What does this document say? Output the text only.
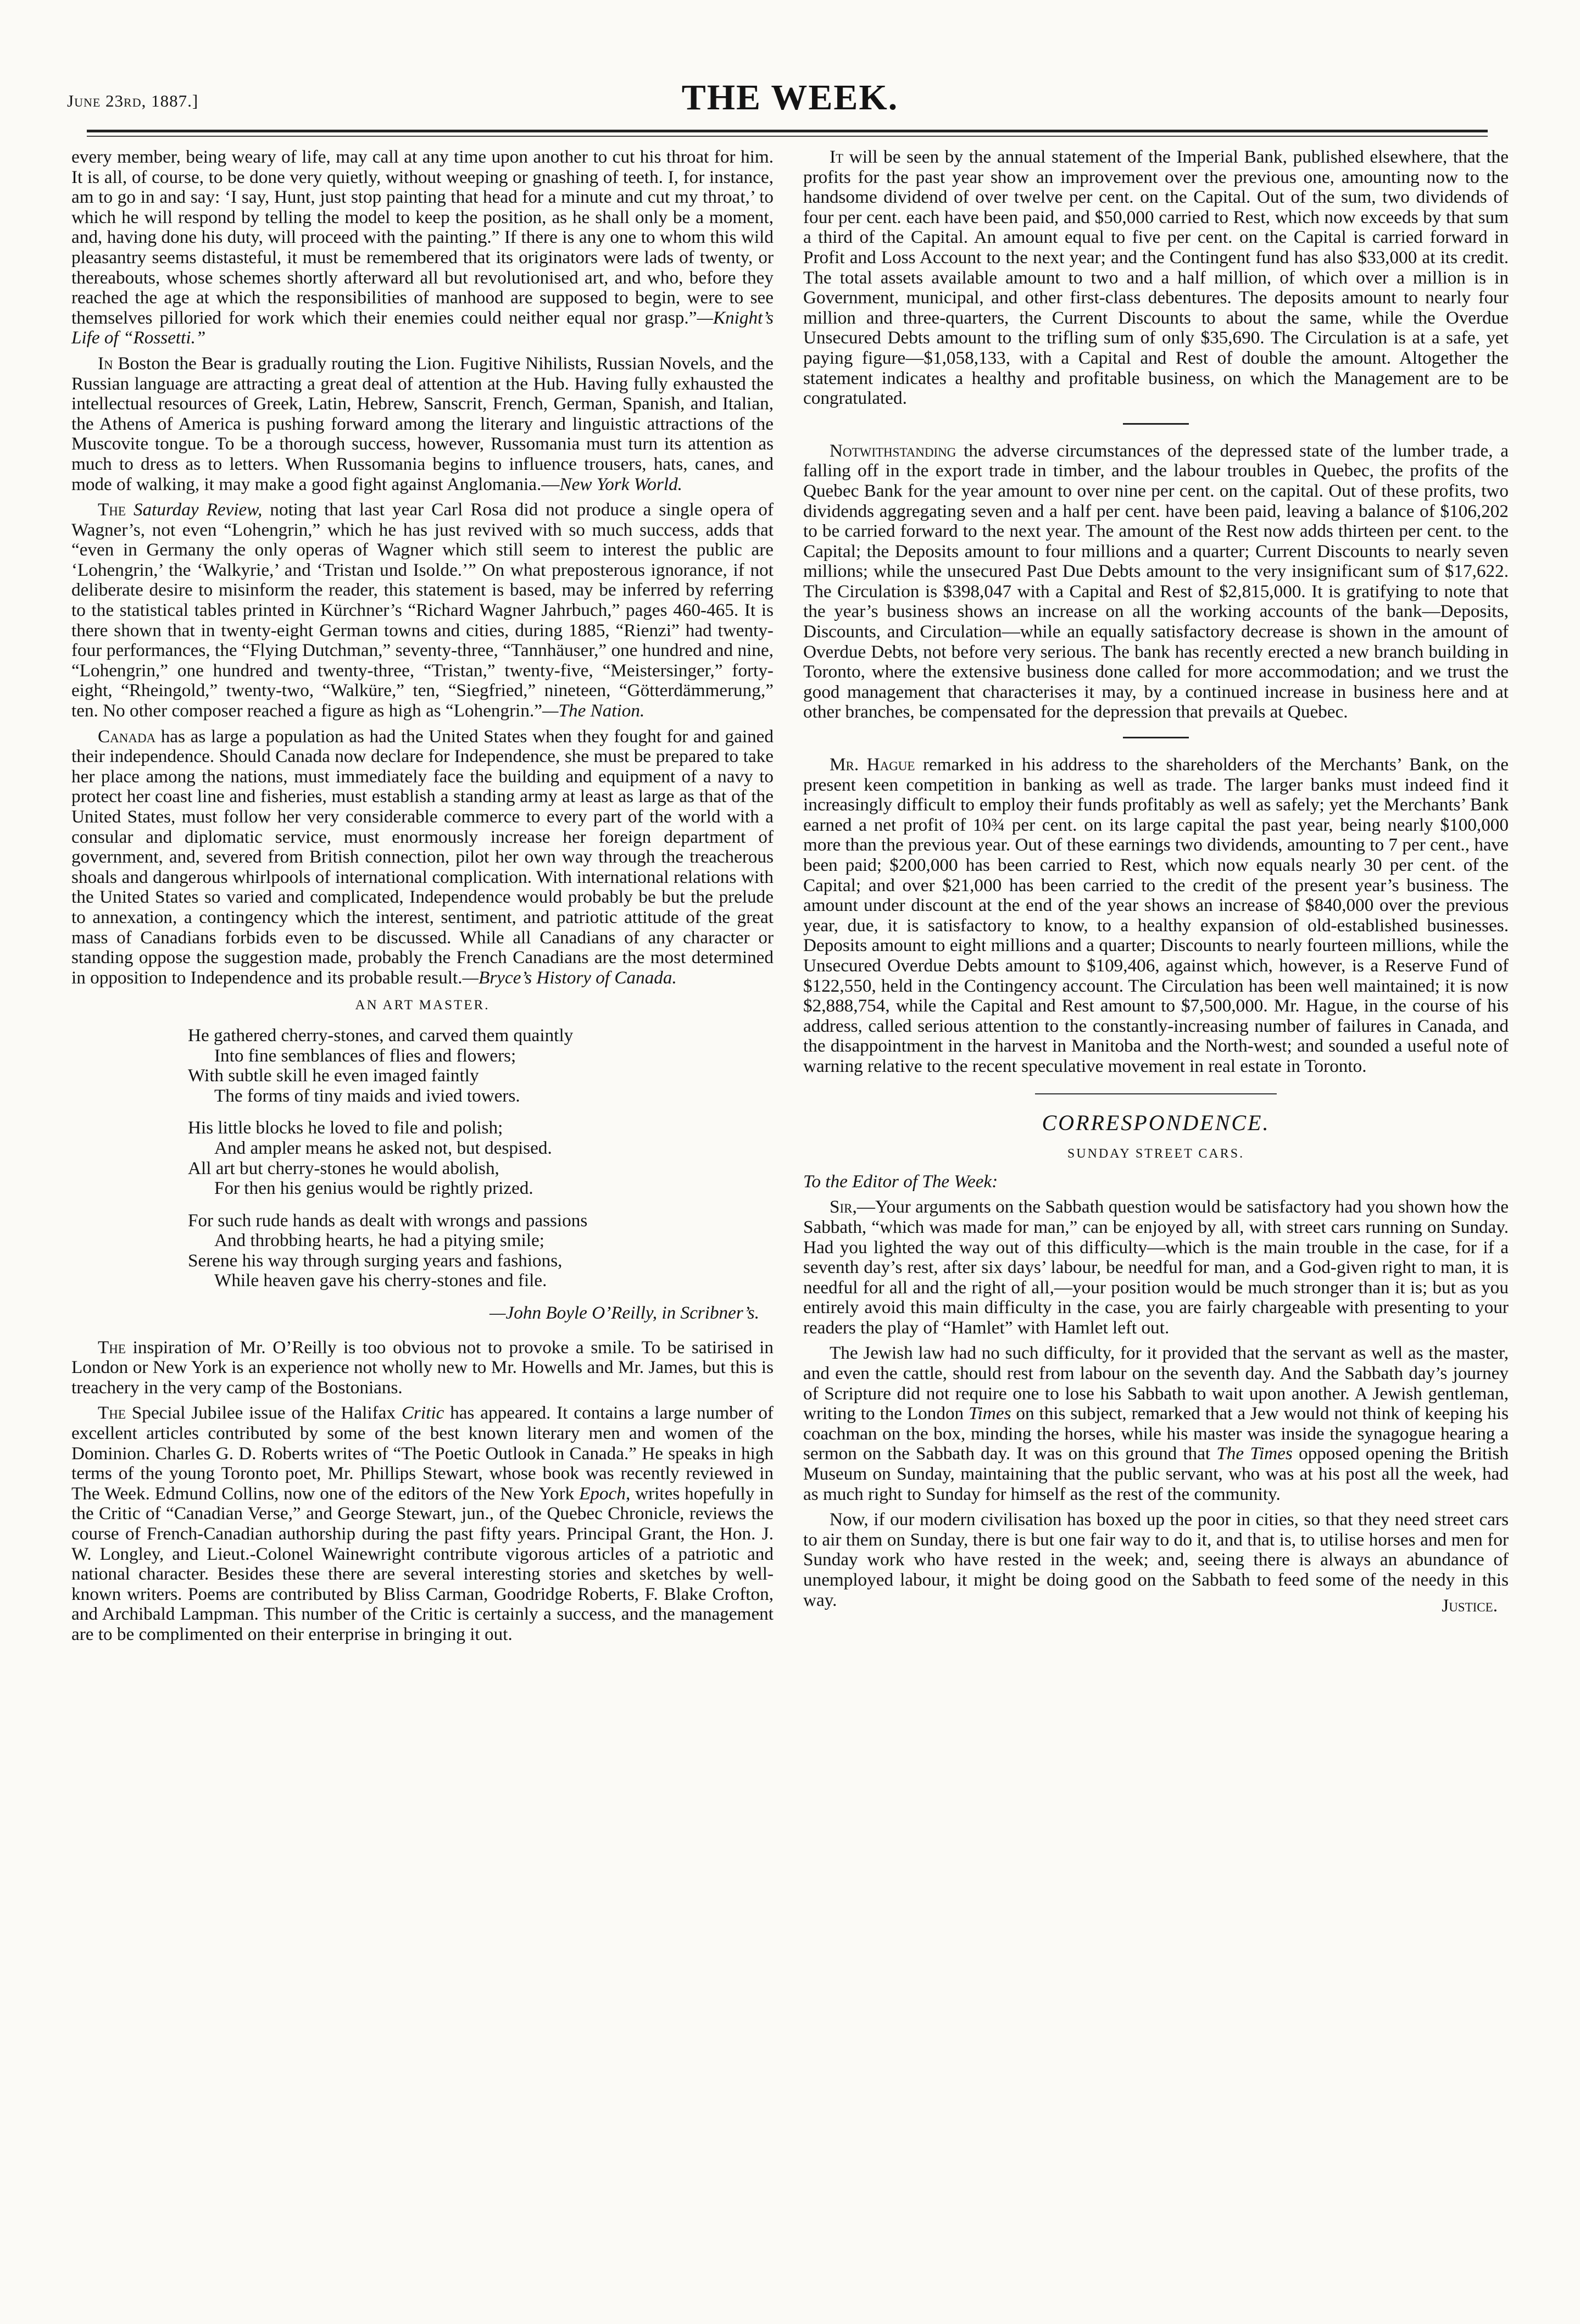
June 23rd, 1887.]	THE WEEK.

every member, being weary of life, may call at any time upon another to cut his throat for him. It is all, of course, to be done very quietly, without weeping or gnashing of teeth. I, for instance, am to go in and say: ‘I say, Hunt, just stop painting that head for a minute and cut my throat,’ to which he will respond by telling the model to keep the position, as he shall only be a moment, and, having done his duty, will proceed with the painting.” If there is any one to whom this wild pleasantry seems distasteful, it must be remembered that its originators were lads of twenty, or thereabouts, whose schemes shortly afterward all but revolutionised art, and who, before they reached the age at which the responsibilities of manhood are supposed to begin, were to see themselves pilloried for work which their enemies could neither equal nor grasp.”—Knight’s Life of “Rossetti.”

In Boston the Bear is gradually routing the Lion. Fugitive Nihilists, Russian Novels, and the Russian language are attracting a great deal of attention at the Hub. Having fully exhausted the intellectual resources of Greek, Latin, Hebrew, Sanscrit, French, German, Spanish, and Italian, the Athens of America is pushing forward among the literary and linguistic attractions of the Muscovite tongue. To be a thorough success, however, Russomania must turn its attention as much to dress as to letters. When Russomania begins to influence trousers, hats, canes, and mode of walking, it may make a good fight against Anglomania.—New York World.

The Saturday Review, noting that last year Carl Rosa did not produce a single opera of Wagner’s, not even “Lohengrin,” which he has just revived with so much success, adds that “even in Germany the only operas of Wagner which still seem to interest the public are ‘Lohengrin,’ the ‘Walkyrie,’ and ‘Tristan und Isolde.’” On what preposterous ignorance, if not deliberate desire to misinform the reader, this statement is based, may be inferred by referring to the statistical tables printed in Kürchner’s “Richard Wagner Jahrbuch,” pages 460-465. It is there shown that in twenty-eight German towns and cities, during 1885, “Rienzi” had twenty-four performances, the “Flying Dutchman,” seventy-three, “Tannhäuser,” one hundred and nine, “Lohengrin,” one hundred and twenty-three, “Tristan,” twenty-five, “Meistersinger,” forty-eight, “Rheingold,” twenty-two, “Walküre,” ten, “Siegfried,” nineteen, “Götterdämmerung,” ten. No other composer reached a figure as high as “Lohengrin.”—The Nation.

Canada has as large a population as had the United States when they fought for and gained their independence. Should Canada now declare for Independence, she must be prepared to take her place among the nations, must immediately face the building and equipment of a navy to protect her coast line and fisheries, must establish a standing army at least as large as that of the United States, must follow her very considerable commerce to every part of the world with a consular and diplomatic service, must enormously increase her foreign department of government, and, severed from British connection, pilot her own way through the treacherous shoals and dangerous whirlpools of international complication. With international relations with the United States so varied and complicated, Independence would probably be but the prelude to annexation, a contingency which the interest, sentiment, and patriotic attitude of the great mass of Canadians forbids even to be discussed. While all Canadians of any character or standing oppose the suggestion made, probably the French Canadians are the most determined in opposition to Independence and its probable result.—Bryce’s History of Canada.

AN ART MASTER.
He gathered cherry-stones, and carved them quaintly
Into fine semblances of flies and flowers;
With subtle skill he even imaged faintly
The forms of tiny maids and ivied towers.
His little blocks he loved to file and polish;
And ampler means he asked not, but despised.
All art but cherry-stones he would abolish,
For then his genius would be rightly prized.
For such rude hands as dealt with wrongs and passions
And throbbing hearts, he had a pitying smile;
Serene his way through surging years and fashions,
While heaven gave his cherry-stones and file.
—John Boyle O’Reilly, in Scribner’s.

The inspiration of Mr. O’Reilly is too obvious not to provoke a smile. To be satirised in London or New York is an experience not wholly new to Mr. Howells and Mr. James, but this is treachery in the very camp of the Bostonians.

The Special Jubilee issue of the Halifax Critic has appeared. It contains a large number of excellent articles contributed by some of the best known literary men and women of the Dominion. Charles G. D. Roberts writes of “The Poetic Outlook in Canada.” He speaks in high terms of the young Toronto poet, Mr. Phillips Stewart, whose book was recently reviewed in The Week. Edmund Collins, now one of the editors of the New York Epoch, writes hopefully in the Critic of “Canadian Verse,” and George Stewart, jun., of the Quebec Chronicle, reviews the course of French-Canadian authorship during the past fifty years. Principal Grant, the Hon. J. W. Longley, and Lieut.-Colonel Wainewright contribute vigorous articles of a patriotic and national character. Besides these there are several interesting stories and sketches by well-known writers. Poems are contributed by Bliss Carman, Goodridge Roberts, F. Blake Crofton, and Archibald Lampman. This number of the Critic is certainly a success, and the management are to be complimented on their enterprise in bringing it out.

It will be seen by the annual statement of the Imperial Bank, published elsewhere, that the profits for the past year show an improvement over the previous one, amounting now to the handsome dividend of over twelve per cent. on the Capital. Out of the sum, two dividends of four per cent. each have been paid, and $50,000 carried to Rest, which now exceeds by that sum a third of the Capital. An amount equal to five per cent. on the Capital is carried forward in Profit and Loss Account to the next year; and the Contingent fund has also $33,000 at its credit. The total assets available amount to two and a half million, of which over a million is in Government, municipal, and other first-class debentures. The deposits amount to nearly four million and three-quarters, the Current Discounts to about the same, while the Overdue Unsecured Debts amount to the trifling sum of only $35,690. The Circulation is at a safe, yet paying figure—$1,058,133, with a Capital and Rest of double the amount. Altogether the statement indicates a healthy and profitable business, on which the Management are to be congratulated.

Notwithstanding the adverse circumstances of the depressed state of the lumber trade, a falling off in the export trade in timber, and the labour troubles in Quebec, the profits of the Quebec Bank for the year amount to over nine per cent. on the capital. Out of these profits, two dividends aggregating seven and a half per cent. have been paid, leaving a balance of $106,202 to be carried forward to the next year. The amount of the Rest now adds thirteen per cent. to the Capital; the Deposits amount to four millions and a quarter; Current Discounts to nearly seven millions; while the unsecured Past Due Debts amount to the very insignificant sum of $17,622. The Circulation is $398,047 with a Capital and Rest of $2,815,000. It is gratifying to note that the year’s business shows an increase on all the working accounts of the bank—Deposits, Discounts, and Circulation—while an equally satisfactory decrease is shown in the amount of Overdue Debts, not before very serious. The bank has recently erected a new branch building in Toronto, where the extensive business done called for more accommodation; and we trust the good management that characterises it may, by a continued increase in business here and at other branches, be compensated for the depression that prevails at Quebec.

Mr. Hague remarked in his address to the shareholders of the Merchants’ Bank, on the present keen competition in banking as well as trade. The larger banks must indeed find it increasingly difficult to employ their funds profitably as well as safely; yet the Merchants’ Bank earned a net profit of 10¾ per cent. on its large capital the past year, being nearly $100,000 more than the previous year. Out of these earnings two dividends, amounting to 7 per cent., have been paid; $200,000 has been carried to Rest, which now equals nearly 30 per cent. of the Capital; and over $21,000 has been carried to the credit of the present year’s business. The amount under discount at the end of the year shows an increase of $840,000 over the previous year, due, it is satisfactory to know, to a healthy expansion of old-established businesses. Deposits amount to eight millions and a quarter; Discounts to nearly fourteen millions, while the Unsecured Overdue Debts amount to $109,406, against which, however, is a Reserve Fund of $122,550, held in the Contingency account. The Circulation has been well maintained; it is now $2,888,754, while the Capital and Rest amount to $7,500,000. Mr. Hague, in the course of his address, called serious attention to the constantly-increasing number of failures in Canada, and the disappointment in the harvest in Manitoba and the North-west; and sounded a useful note of warning relative to the recent speculative movement in real estate in Toronto.

CORRESPONDENCE.
SUNDAY STREET CARS.

To the Editor of The Week:

Sir,—Your arguments on the Sabbath question would be satisfactory had you shown how the Sabbath, “which was made for man,” can be enjoyed by all, with street cars running on Sunday. Had you lighted the way out of this difficulty—which is the main trouble in the case, for if a seventh day’s rest, after six days’ labour, be needful for man, and a God-given right to man, it is needful for all and the right of all,—your position would be much stronger than it is; but as you entirely avoid this main difficulty in the case, you are fairly chargeable with presenting to your readers the play of “Hamlet” with Hamlet left out.

The Jewish law had no such difficulty, for it provided that the servant as well as the master, and even the cattle, should rest from labour on the seventh day. And the Sabbath day’s journey of Scripture did not require one to lose his Sabbath to wait upon another. A Jewish gentleman, writing to the London Times on this subject, remarked that a Jew would not think of keeping his coachman on the box, minding the horses, while his master was inside the synagogue hearing a sermon on the Sabbath day. It was on this ground that The Times opposed opening the British Museum on Sunday, maintaining that the public servant, who was at his post all the week, had as much right to Sunday for himself as the rest of the community.

Now, if our modern civilisation has boxed up the poor in cities, so that they need street cars to air them on Sunday, there is but one fair way to do it, and that is, to utilise horses and men for Sunday work who have rested in the week; and, seeing there is always an abundance of unemployed labour, it might be doing good on the Sabbath to feed some of the needy in this way.	Justice.
